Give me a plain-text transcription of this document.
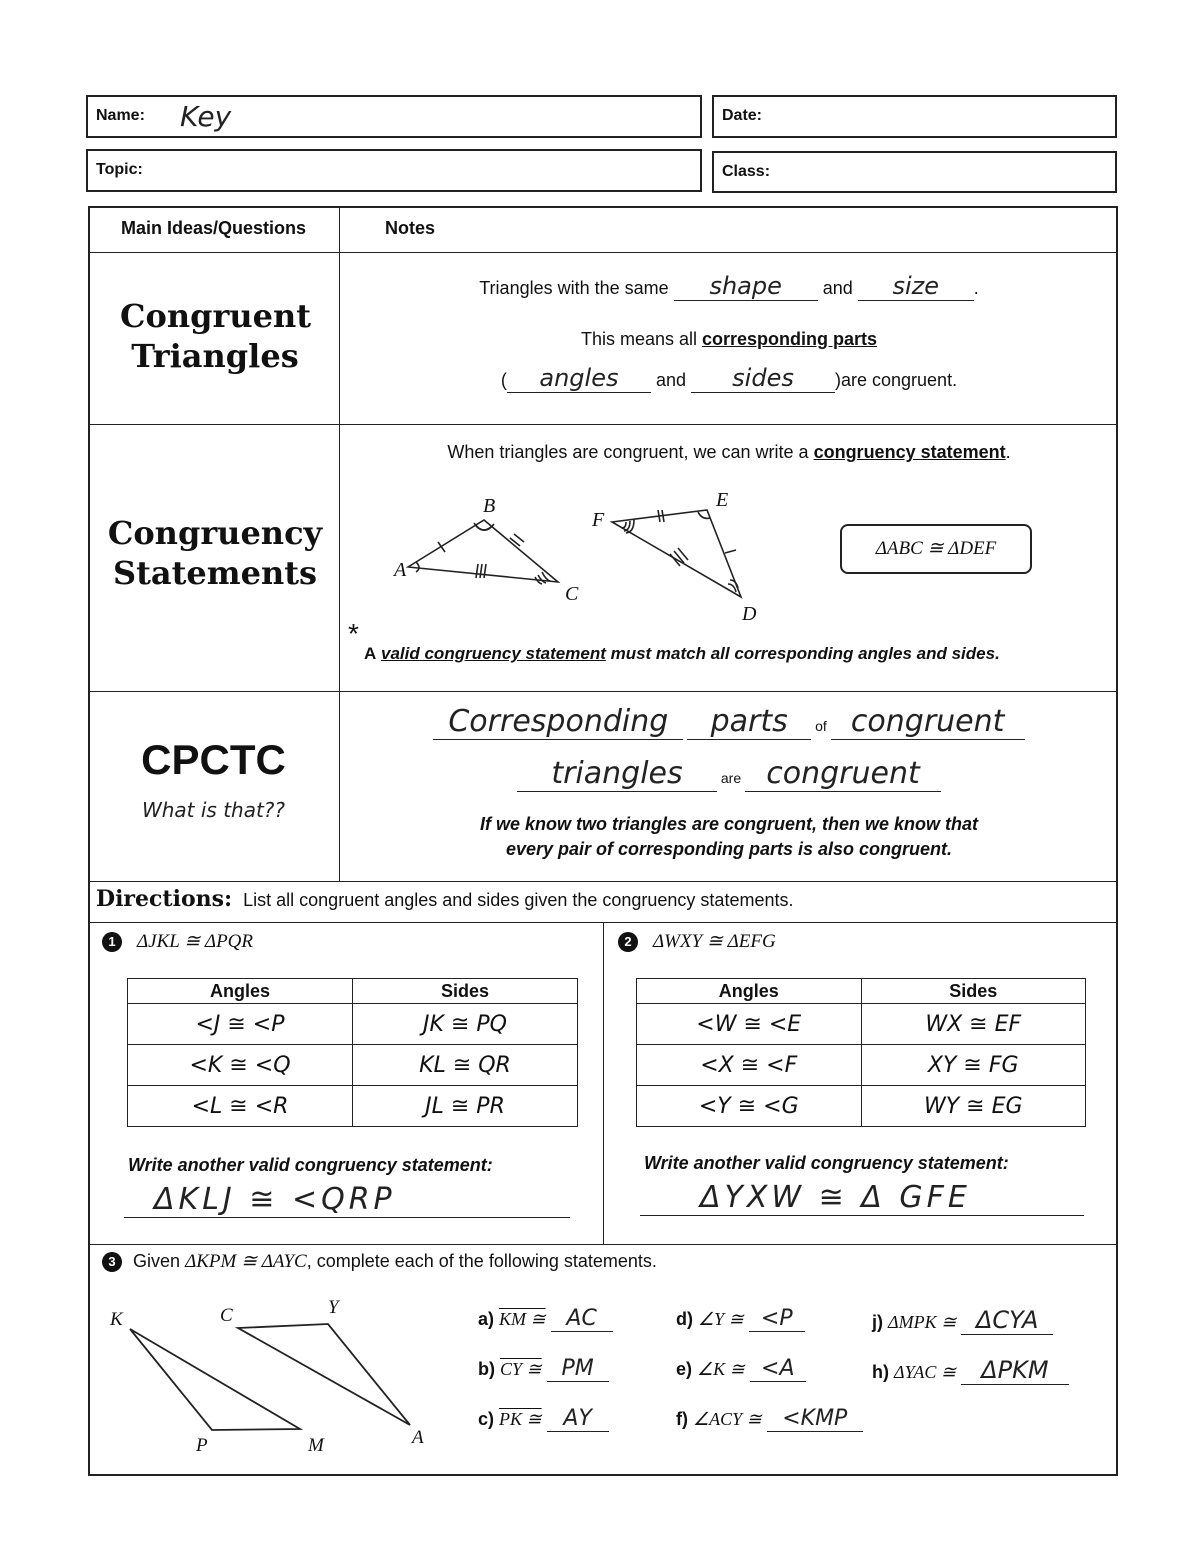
Name: Key	Date:
Topic:	Class:
Main Ideas/Questions	Notes
Congruent Triangles
Triangles with the same shape and size .
This means all corresponding parts
( angles and sides )are congruent.
Congruency Statements
When triangles are congruent, we can write a congruency statement.
A
B
C
F
E
D
ΔABC ≅ ΔDEF
*
A valid congruency statement must match all corresponding angles and sides.
CPCTC
What is that??
Corresponding parts of congruent
triangles	are congruent
If we know two triangles are congruent, then we know that
every pair of corresponding parts is also congruent.
Directions: List all congruent angles and sides given the congruency statements.
1 ΔJKL ≅ ΔPQR
Angles	Sides
<J ≅ <P	JK ≅ PQ
<K ≅ <Q	KL ≅ QR
<L ≅ <R	JL ≅ PR
Write another valid congruency statement:
ΔKLJ ≅ <QRP
2 ΔWXY ≅ ΔEFG
Angles	Sides
<W ≅ <E	WX ≅ EF
<X ≅ <F	XY ≅ FG
<Y ≅ <G	WY ≅ EG
Write another valid congruency statement:
ΔYXW ≅ Δ GFE
3 Given ΔKPM ≅ ΔAYC, complete each of the following statements.
K	C	Y
P	M	A
a) KM ≅ AC
b) CY ≅ PM
c) PK ≅ AY
d) ∠Y ≅ <P
e) ∠K ≅ <A
f) ∠ACY ≅ <KMP
j) ΔMPK ≅ ΔCYA
h) ΔYAC ≅ ΔPKM
